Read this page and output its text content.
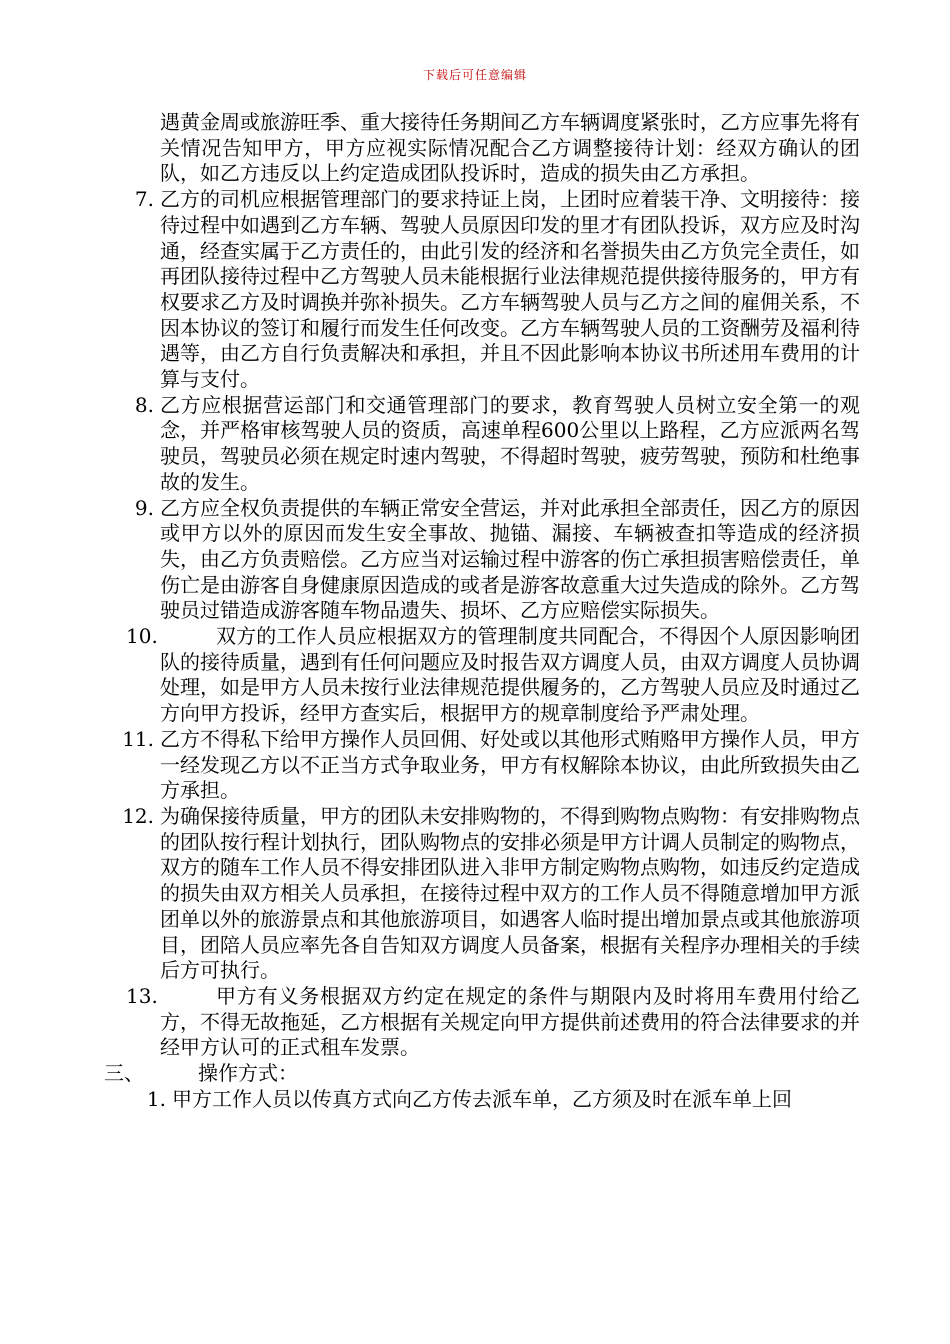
下载后可任意编辑
遇黄金周或旅游旺季、重大接待任务期间乙方车辆调度紧张时，乙方应事先将有关情况告知甲方，甲方应视实际情况配合乙方调整接待计划：经双方确认的团队，如乙方违反以上约定造成团队投诉时，造成的损失由乙方承担。
7. 乙方的司机应根据管理部门的要求持证上岗，上团时应着装干净、文明接待：接待过程中如遇到乙方车辆、驾驶人员原因印发的里才有团队投诉，双方应及时沟通，经查实属于乙方责任的，由此引发的经济和名誉损失由乙方负完全责任，如再团队接待过程中乙方驾驶人员未能根据行业法律规范提供接待服务的，甲方有权要求乙方及时调换并弥补损失。乙方车辆驾驶人员与乙方之间的雇佣关系，不因本协议的签订和履行而发生任何改变。乙方车辆驾驶人员的工资酬劳及福利待遇等，由乙方自行负责解决和承担，并且不因此影响本协议书所述用车费用的计算与支付。
8. 乙方应根据营运部门和交通管理部门的要求，教育驾驶人员树立安全第一的观念，并严格审核驾驶人员的资质，高速单程600公里以上路程，乙方应派两名驾驶员，驾驶员必须在规定时速内驾驶，不得超时驾驶，疲劳驾驶，预防和杜绝事故的发生。
9. 乙方应全权负责提供的车辆正常安全营运，并对此承担全部责任，因乙方的原因或甲方以外的原因而发生安全事故、抛锚、漏接、车辆被查扣等造成的经济损失，由乙方负责赔偿。乙方应当对运输过程中游客的伤亡承担损害赔偿责任，单伤亡是由游客自身健康原因造成的或者是游客故意重大过失造成的除外。乙方驾驶员过错造成游客随车物品遗失、损坏、乙方应赔偿实际损失。
10.	双方的工作人员应根据双方的管理制度共同配合，不得因个人原因影响团队的接待质量，遇到有任何问题应及时报告双方调度人员，由双方调度人员协调处理，如是甲方人员未按行业法律规范提供履务的，乙方驾驶人员应及时通过乙方向甲方投诉，经甲方查实后，根据甲方的规章制度给予严肃处理。
11. 乙方不得私下给甲方操作人员回佣、好处或以其他形式贿赂甲方操作人员，甲方一经发现乙方以不正当方式争取业务，甲方有权解除本协议，由此所致损失由乙方承担。
12. 为确保接待质量，甲方的团队未安排购物的，不得到购物点购物：有安排购物点的团队按行程计划执行，团队购物点的安排必须是甲方计调人员制定的购物点，双方的随车工作人员不得安排团队进入非甲方制定购物点购物，如违反约定造成的损失由双方相关人员承担，在接待过程中双方的工作人员不得随意增加甲方派团单以外的旅游景点和其他旅游项目，如遇客人临时提出增加景点或其他旅游项目，团陪人员应率先各自告知双方调度人员备案，根据有关程序办理相关的手续后方可执行。
13.	甲方有义务根据双方约定在规定的条件与期限内及时将用车费用付给乙方，不得无故拖延，乙方根据有关规定向甲方提供前述费用的符合法律要求的并经甲方认可的正式租车发票。
三、	操作方式：
1. 甲方工作人员以传真方式向乙方传去派车单，乙方须及时在派车单上回
